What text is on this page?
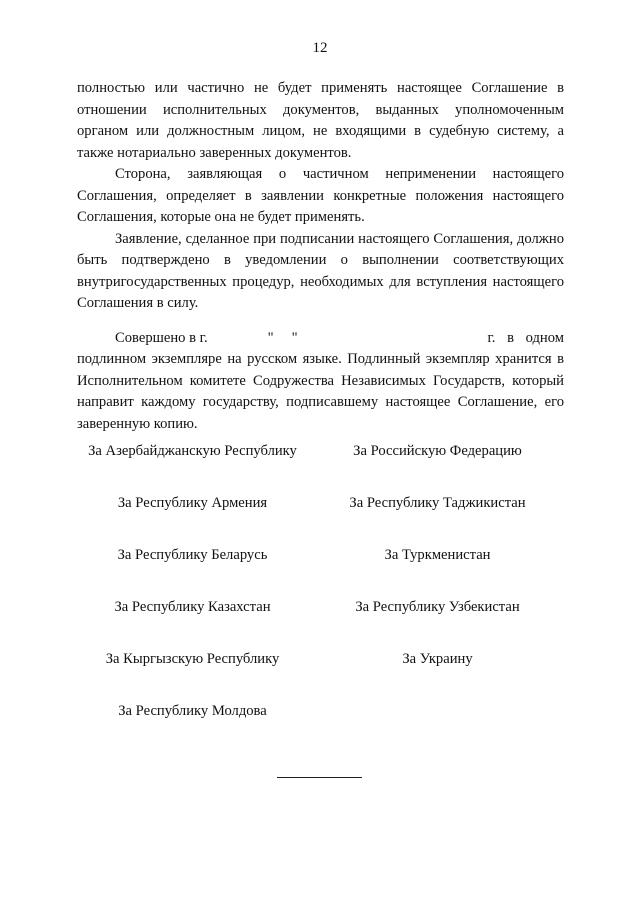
12

полностью или частично не будет применять настоящее Соглашение в отношении исполнительных документов, выданных уполномоченным органом или должностным лицом, не входящими в судебную систему, а также нотариально заверенных документов.

Сторона, заявляющая о частичном неприменении настоящего Соглашения, определяет в заявлении конкретные положения настоящего Соглашения, которые она не будет применять.

Заявление, сделанное при подписании настоящего Соглашения, должно быть подтверждено в уведомлении о выполнении соответствующих внутригосударственных процедур, необходимых для вступления настоящего Соглашения в силу.

Совершено в г.	" "	г. в одном

подлинном экземпляре на русском языке. Подлинный экземпляр хранится в Исполнительном комитете Содружества Независимых Государств, который направит каждому государству, подписавшему настоящее Соглашение, его заверенную копию.

За Азербайджанскую Республику	За Российскую Федерацию
За Республику Армения	За Республику Таджикистан
За Республику Беларусь	За Туркменистан
За Республику Казахстан	За Республику Узбекистан
За Кыргызскую Республику	За Украину
За Республику Молдова
